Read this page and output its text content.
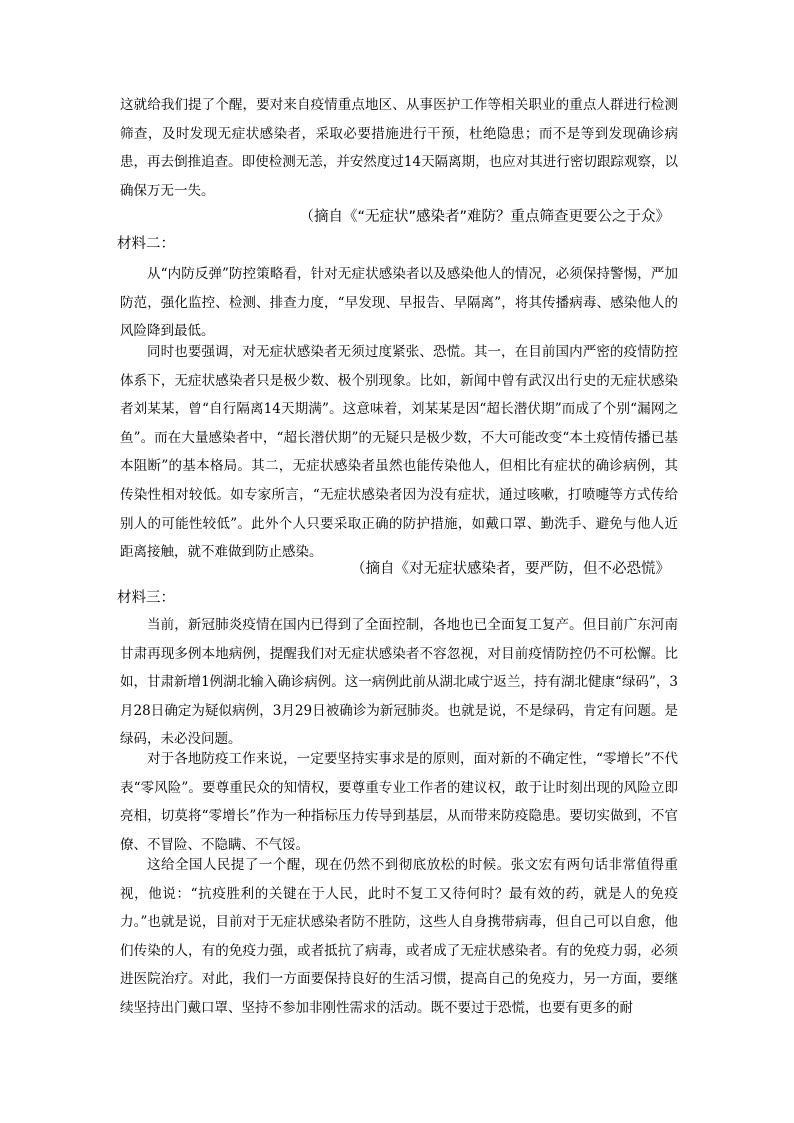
这就给我们提了个醒，要对来自疫情重点地区、从事医护工作等相关职业的重点人群进行检测筛查，及时发现无症状感染者，采取必要措施进行干预，杜绝隐患；而不是等到发现确诊病患，再去倒推追查。即使检测无恙，并安然度过14天隔离期，也应对其进行密切跟踪观察，以确保万无一失。

（摘自《“无症状”感染者”难防？重点筛查更要公之于众》

材料二：

从“内防反弹”防控策略看，针对无症状感染者以及感染他人的情况，必须保持警惕，严加防范，强化监控、检测、排查力度，“早发现、早报告、早隔离”，将其传播病毒、感染他人的风险降到最低。

同时也要强调，对无症状感染者无须过度紧张、恐慌。其一，在目前国内严密的疫情防控体系下，无症状感染者只是极少数、极个别现象。比如，新闻中曾有武汉出行史的无症状感染者刘某某，曾“自行隔离14天期满”。这意味着，刘某某是因“超长潜伏期”而成了个别“漏网之鱼”。而在大量感染者中，“超长潜伏期”的无疑只是极少数，不大可能改变“本土疫情传播已基本阻断”的基本格局。其二，无症状感染者虽然也能传染他人，但相比有症状的确诊病例，其传染性相对较低。如专家所言，“无症状感染者因为没有症状，通过咳嗽，打喷嚏等方式传给别人的可能性较低”。此外个人只要采取正确的防护措施，如戴口罩、勤洗手、避免与他人近距离接触，就不难做到防止感染。

（摘自《对无症状感染者，要严防，但不必恐慌》

材料三：

当前，新冠肺炎疫情在国内已得到了全面控制，各地也已全面复工复产。但目前广东河南甘肃再现多例本地病例，提醒我们对无症状感染者不容忽视，对目前疫情防控仍不可松懈。比如，甘肃新增1例湖北输入确诊病例。这一病例此前从湖北咸宁返兰，持有湖北健康“绿码”，3月28日确定为疑似病例，3月29日被确诊为新冠肺炎。也就是说，不是绿码，肯定有问题。是绿码，未必没问题。

对于各地防疫工作来说，一定要坚持实事求是的原则，面对新的不确定性，“零增长”不代表“零风险”。要尊重民众的知情权，要尊重专业工作者的建议权，敢于让时刻出现的风险立即亮相，切莫将“零增长”作为一种指标压力传导到基层，从而带来防疫隐患。要切实做到，不官僚、不冒险、不隐瞒、不气馁。

这给全国人民提了一个醒，现在仍然不到彻底放松的时候。张文宏有两句话非常值得重视，他说：“抗疫胜利的关键在于人民，此时不复工又待何时？最有效的药，就是人的免疫力。”也就是说，目前对于无症状感染者防不胜防，这些人自身携带病毒，但自己可以自愈，他们传染的人，有的免疫力强，或者抵抗了病毒，或者成了无症状感染者。有的免疫力弱，必须进医院治疗。对此，我们一方面要保持良好的生活习惯，提高自己的免疫力，另一方面，要继续坚持出门戴口罩、坚持不参加非刚性需求的活动。既不要过于恐慌，也要有更多的耐
